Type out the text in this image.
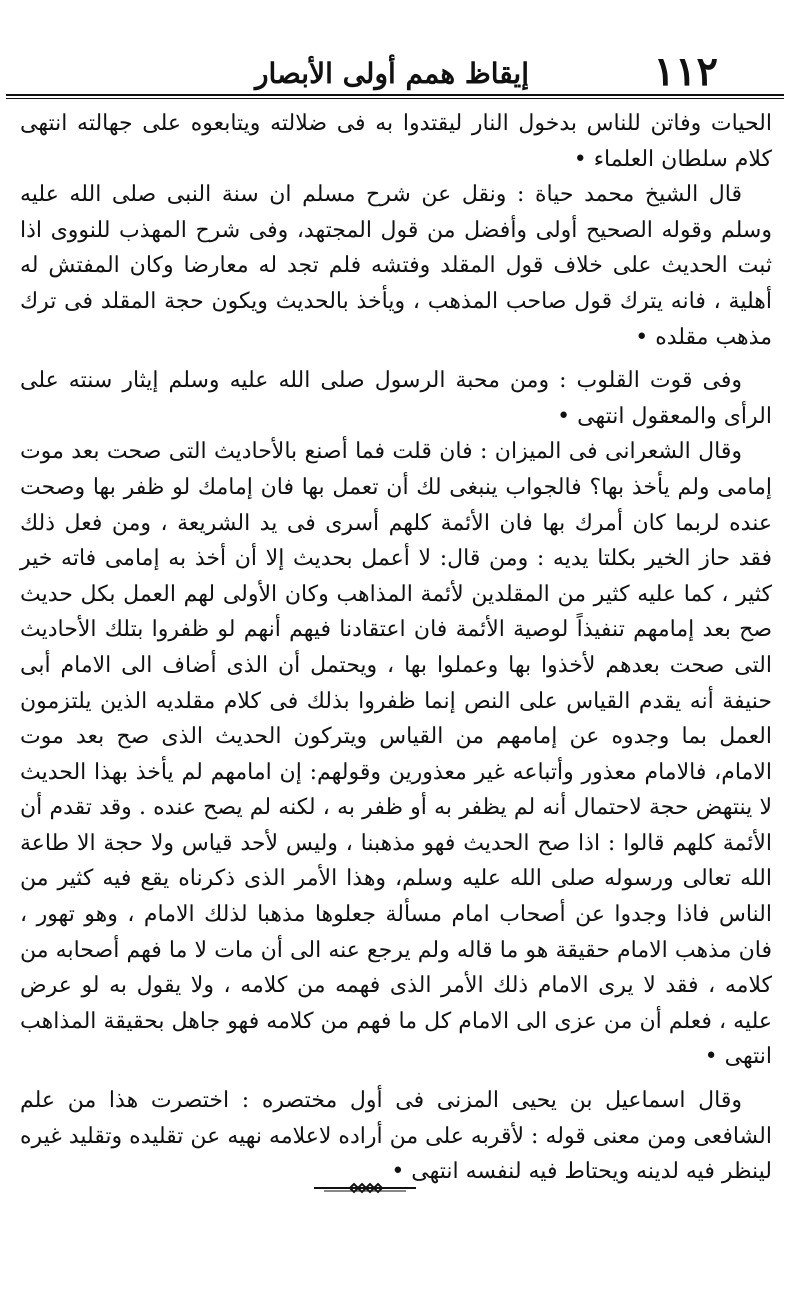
١١٢
إيقاظ همم أولى الأبصار

الحيات وفاتن للناس بدخول النار ليقتدوا به فى ضلالته ويتابعوه على جهالته انتهى كلام سلطان العلماء •

قال الشيخ محمد حياة : ونقل عن شرح مسلم ان سنة النبى صلى الله عليه وسلم وقوله الصحيح أولى وأفضل من قول المجتهد، وفى شرح المهذب للنووى اذا ثبت الحديث على خلاف قول المقلد وفتشه فلم تجد له معارضا وكان المفتش له أهلية ، فانه يترك قول صاحب المذهب ، ويأخذ بالحديث ويكون حجة المقلد فى ترك مذهب مقلده •

وفى قوت القلوب : ومن محبة الرسول صلى الله عليه وسلم إيثار سنته على الرأى والمعقول انتهى •

وقال الشعرانى فى الميزان : فان قلت فما أصنع بالأحاديث التى صحت بعد موت إمامى ولم يأخذ بها؟ فالجواب ينبغى لك أن تعمل بها فان إمامك لو ظفر بها وصحت عنده لربما كان أمرك بها فان الأئمة كلهم أسرى فى يد الشريعة ، ومن فعل ذلك فقد حاز الخير بكلتا يديه : ومن قال: لا أعمل بحديث إلا أن أخذ به إمامى فاته خير كثير ، كما عليه كثير من المقلدين لأئمة المذاهب وكان الأولى لهم العمل بكل حديث صح بعد إمامهم تنفيذاً لوصية الأئمة فان اعتقادنا فيهم أنهم لو ظفروا بتلك الأحاديث التى صحت بعدهم لأخذوا بها وعملوا بها ، ويحتمل أن الذى أضاف الى الامام أبى حنيفة أنه يقدم القياس على النص إنما ظفروا بذلك فى كلام مقلديه الذين يلتزمون العمل بما وجدوه عن إمامهم من القياس ويتركون الحديث الذى صح بعد موت الامام، فالامام معذور وأتباعه غير معذورين وقولهم: إن امامهم لم يأخذ بهذا الحديث لا ينتهض حجة لاحتمال أنه لم يظفر به أو ظفر به ، لكنه لم يصح عنده . وقد تقدم أن الأئمة كلهم قالوا : اذا صح الحديث فهو مذهبنا ، وليس لأحد قياس ولا حجة الا طاعة الله تعالى ورسوله صلى الله عليه وسلم، وهذا الأمر الذى ذكرناه يقع فيه كثير من الناس فاذا وجدوا عن أصحاب امام مسألة جعلوها مذهبا لذلك الامام ، وهو تهور ، فان مذهب الامام حقيقة هو ما قاله ولم يرجع عنه الى أن مات لا ما فهم أصحابه من كلامه ، فقد لا يرى الامام ذلك الأمر الذى فهمه من كلامه ، ولا يقول به لو عرض عليه ، فعلم أن من عزى الى الامام كل ما فهم من كلامه فهو جاهل بحقيقة المذاهب انتهى •

وقال اسماعيل بن يحيى المزنى فى أول مختصره : اختصرت هذا من علم الشافعى ومن معنى قوله : لأقربه على من أراده لاعلامه نهيه عن تقليده وتقليد غيره لينظر فيه لدينه ويحتاط فيه لنفسه انتهى •
